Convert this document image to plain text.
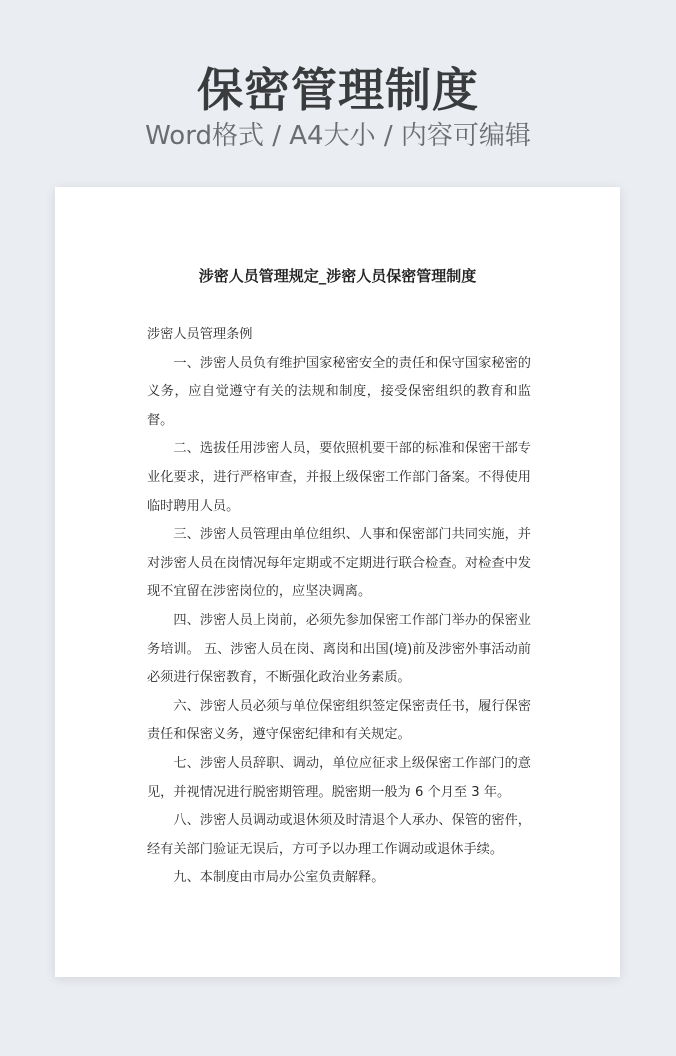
保密管理制度
Word格式 / A4大小 / 内容可编辑
涉密人员管理规定_涉密人员保密管理制度

涉密人员管理条例

一、涉密人员负有维护国家秘密安全的责任和保守国家秘密的义务，应自觉遵守有关的法规和制度，接受保密组织的教育和监督。

二、选拔任用涉密人员，要依照机要干部的标准和保密干部专业化要求，进行严格审查，并报上级保密工作部门备案。不得使用临时聘用人员。

三、涉密人员管理由单位组织、人事和保密部门共同实施，并对涉密人员在岗情况每年定期或不定期进行联合检查。对检查中发现不宜留在涉密岗位的，应坚决调离。

四、涉密人员上岗前，必须先参加保密工作部门举办的保密业务培训。 五、涉密人员在岗、离岗和出国(境)前及涉密外事活动前必须进行保密教育，不断强化政治业务素质。

六、涉密人员必须与单位保密组织签定保密责任书，履行保密责任和保密义务，遵守保密纪律和有关规定。

七、涉密人员辞职、调动，单位应征求上级保密工作部门的意见，并视情况进行脱密期管理。脱密期一般为 6 个月至 3 年。

八、涉密人员调动或退休须及时清退个人承办、保管的密件，经有关部门验证无误后，方可予以办理工作调动或退休手续。

九、本制度由市局办公室负责解释。
